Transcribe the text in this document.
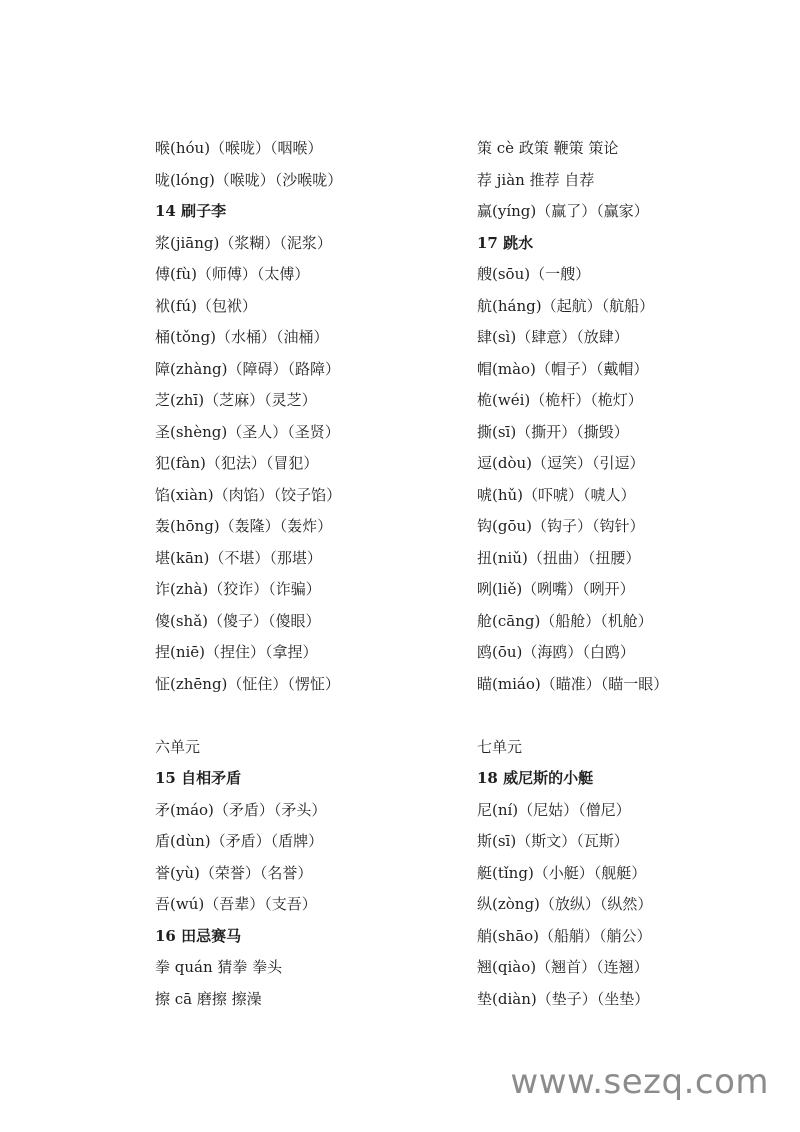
喉(hóu)（喉咙）（咽喉）
咙(lóng)（喉咙）（沙喉咙）
14 刷子李
浆(jiāng)（浆糊）（泥浆）
傅(fù)（师傅）（太傅）
袱(fú)（包袱）
桶(tǒng)（水桶）（油桶）
障(zhàng)（障碍）（路障）
芝(zhī)（芝麻）（灵芝）
圣(shèng)（圣人）（圣贤）
犯(fàn)（犯法）（冒犯）
馅(xiàn)（肉馅）（饺子馅）
轰(hōng)（轰隆）（轰炸）
堪(kān)（不堪）（那堪）
诈(zhà)（狡诈）（诈骗）
傻(shǎ)（傻子）（傻眼）
捏(niē)（捏住）（拿捏）
怔(zhēng)（怔住）（愣怔）
六单元
15 自相矛盾
矛(máo)（矛盾）（矛头）
盾(dùn)（矛盾）（盾牌）
誉(yù)（荣誉）（名誉）
吾(wú)（吾辈）（支吾）
16 田忌赛马
拳 quán 猜拳 拳头
擦 cā 磨擦 擦澡
策 cè 政策 鞭策 策论
荐 jiàn 推荐 自荐
赢(yíng)（赢了）（赢家）
17 跳水
艘(sōu)（一艘）
航(háng)（起航）（航船）
肆(sì)（肆意）（放肆）
帽(mào)（帽子）（戴帽）
桅(wéi)（桅杆）（桅灯）
撕(sī)（撕开）（撕毁）
逗(dòu)（逗笑）（引逗）
唬(hǔ)（吓唬）（唬人）
钩(gōu)（钩子）（钩针）
扭(niǔ)（扭曲）（扭腰）
咧(liě)（咧嘴）（咧开）
舱(cāng)（船舱）（机舱）
鸥(ōu)（海鸥）（白鸥）
瞄(miáo)（瞄准）（瞄一眼）
七单元
18 威尼斯的小艇
尼(ní)（尼姑）（僧尼）
斯(sī)（斯文）（瓦斯）
艇(tǐng)（小艇）（舰艇）
纵(zòng)（放纵）（纵然）
艄(shāo)（船艄）（艄公）
翘(qiào)（翘首）（连翘）
垫(diàn)（垫子）（坐垫）
www.sezq.com
